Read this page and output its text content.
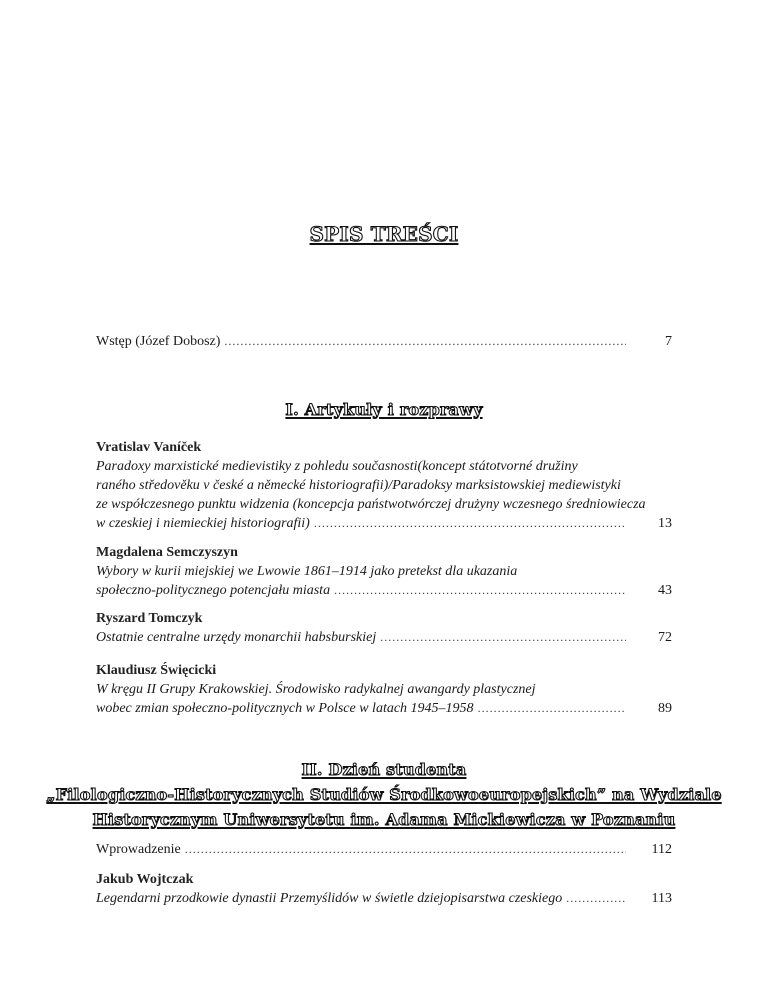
SPIS TREŚCI
Wstęp (Józef Dobosz) . . .	7
I. Artykuły i rozprawy
Vratislav Vaníček
Paradoxy marxistické medievistiky z pohledu současnosti(koncept státotvorné družiny
raného středověku v české a německé historiografii)/Paradoksy marksistowskiej mediewistyki
ze współczesnego punktu widzenia (koncepcja państwotwórczej drużyny wczesnego średniowiecza
w czeskiej i niemieckiej historiografii) . . .	13
Magdalena Semczyszyn
Wybory w kurii miejskiej we Lwowie 1861–1914 jako pretekst dla ukazania
społeczno-politycznego potencjału miasta . . .	43
Ryszard Tomczyk
Ostatnie centralne urzędy monarchii habsburskiej . . .	72
Klaudiusz Święcicki
W kręgu II Grupy Krakowskiej. Środowisko radykalnej awangardy plastycznej
wobec zmian społeczno-politycznych w Polsce w latach 1945–1958 . . .	89
II. Dzień studenta
„Filologiczno-Historycznych Studiów Środkowoeuropejskich” na Wydziale
Historycznym Uniwersytetu im. Adama Mickiewicza w Poznaniu
Wprowadzenie . . .	112
Jakub Wojtczak
Legendarni przodkowie dynastii Przemyślidów w świetle dziejopisarstwa czeskiego . . .	113
